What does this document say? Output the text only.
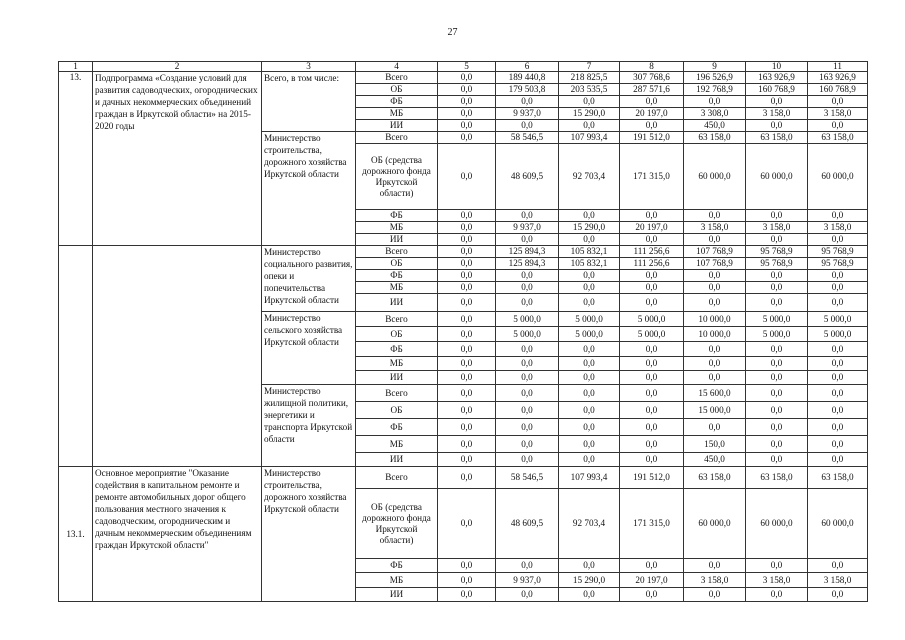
27
1	2	3	4	5	6	7	8	9	10	11
13.	Подпрограмма «Создание условий для развития садоводческих, огороднических и дачных некоммерческих объединений граждан в Иркутской области» на 2015-2020 годы	Всего, в том числе:	Всего	0,0	189 440,8	218 825,5	307 768,6	196 526,9	163 926,9	163 926,9
			ОБ	0,0	179 503,8	203 535,5	287 571,6	192 768,9	160 768,9	160 768,9
			ФБ	0,0	0,0	0,0	0,0	0,0	0,0	0,0
			МБ	0,0	9 937,0	15 290,0	20 197,0	3 308,0	3 158,0	3 158,0
			ИИ	0,0	0,0	0,0	0,0	450,0	0,0	0,0
		Министерство строительства, дорожного хозяйства Иркутской области	Всего	0,0	58 546,5	107 993,4	191 512,0	63 158,0	63 158,0	63 158,0
			ОБ (средства дорожного фонда Иркутской области)	0,0	48 609,5	92 703,4	171 315,0	60 000,0	60 000,0	60 000,0
			ФБ	0,0	0,0	0,0	0,0	0,0	0,0	0,0
			МБ	0,0	9 937,0	15 290,0	20 197,0	3 158,0	3 158,0	3 158,0
			ИИ	0,0	0,0	0,0	0,0	0,0	0,0	0,0
		Министерство социального развития, опеки и попечительства Иркутской области	Всего	0,0	125 894,3	105 832,1	111 256,6	107 768,9	95 768,9	95 768,9
			ОБ	0,0	125 894,3	105 832,1	111 256,6	107 768,9	95 768,9	95 768,9
			ФБ	0,0	0,0	0,0	0,0	0,0	0,0	0,0
			МБ	0,0	0,0	0,0	0,0	0,0	0,0	0,0
			ИИ	0,0	0,0	0,0	0,0	0,0	0,0	0,0
		Министерство сельского хозяйства Иркутской области	Всего	0,0	5 000,0	5 000,0	5 000,0	10 000,0	5 000,0	5 000,0
			ОБ	0,0	5 000,0	5 000,0	5 000,0	10 000,0	5 000,0	5 000,0
			ФБ	0,0	0,0	0,0	0,0	0,0	0,0	0,0
			МБ	0,0	0,0	0,0	0,0	0,0	0,0	0,0
			ИИ	0,0	0,0	0,0	0,0	0,0	0,0	0,0
		Министерство жилищной политики, энергетики и транспорта Иркутской области	Всего	0,0	0,0	0,0	0,0	15 600,0	0,0	0,0
			ОБ	0,0	0,0	0,0	0,0	15 000,0	0,0	0,0
			ФБ	0,0	0,0	0,0	0,0	0,0	0,0	0,0
			МБ	0,0	0,0	0,0	0,0	150,0	0,0	0,0
			ИИ	0,0	0,0	0,0	0,0	450,0	0,0	0,0
13.1.	Основное мероприятие "Оказание содействия в капитальном ремонте и ремонте автомобильных дорог общего пользования местного значения к садоводческим, огородническим и дачным некоммерческим объединениям граждан Иркутской области"	Министерство строительства, дорожного хозяйства Иркутской области	Всего	0,0	58 546,5	107 993,4	191 512,0	63 158,0	63 158,0	63 158,0
			ОБ (средства дорожного фонда Иркутской области)	0,0	48 609,5	92 703,4	171 315,0	60 000,0	60 000,0	60 000,0
			ФБ	0,0	0,0	0,0	0,0	0,0	0,0	0,0
			МБ	0,0	9 937,0	15 290,0	20 197,0	3 158,0	3 158,0	3 158,0
			ИИ	0,0	0,0	0,0	0,0	0,0	0,0	0,0
